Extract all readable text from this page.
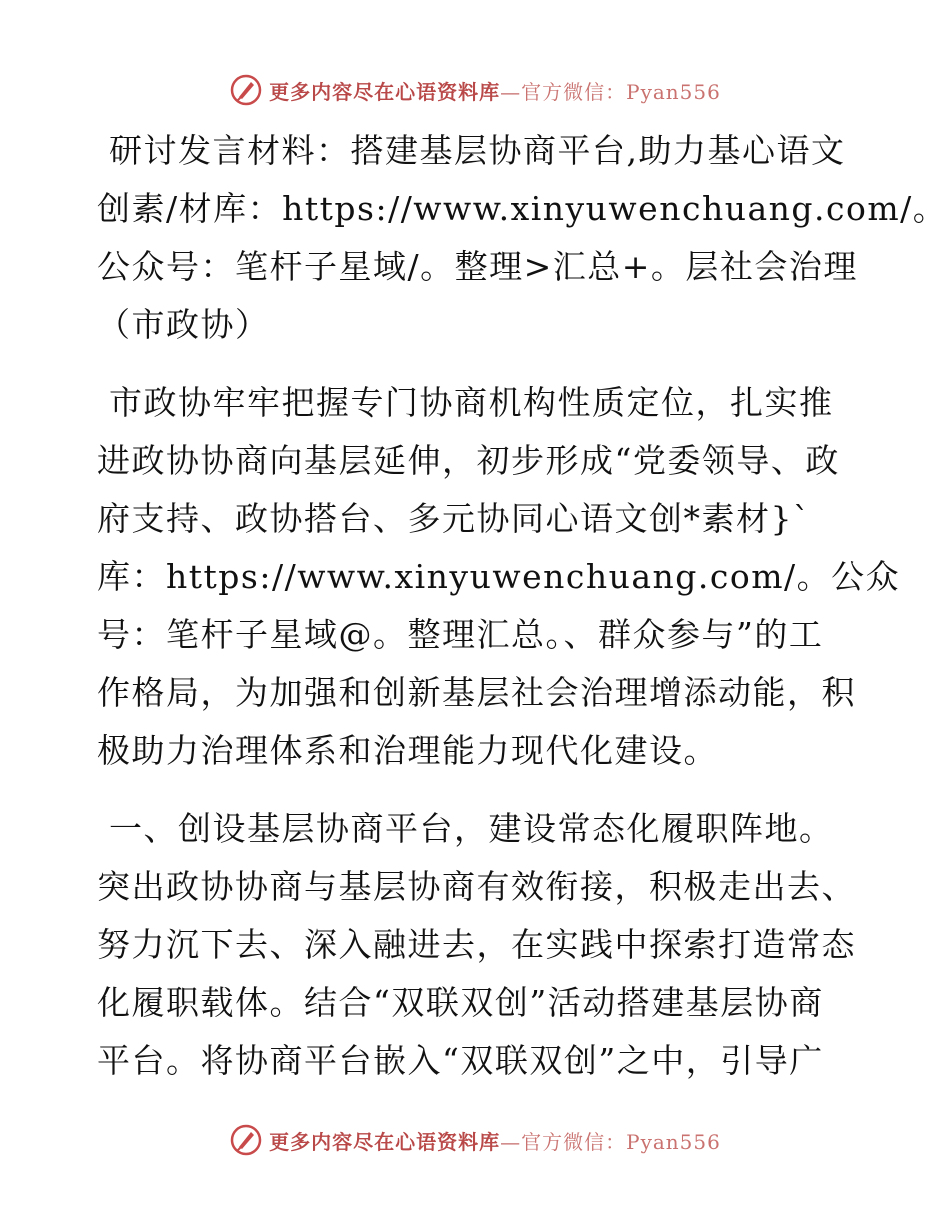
更多内容尽在心语资料库—官方微信：Pyan556
研讨发言材料：搭建基层协商平台,助力基心语文
创素/材库：https://www.xinyuwenchuang.com/。
公众号：笔杆子星域/。整理>汇总+。层社会治理
（市政协）
市政协牢牢把握专门协商机构性质定位，扎实推
进政协协商向基层延伸，初步形成“党委领导、政
府支持、政协搭台、多元协同心语文创*素材}`
库：https://www.xinyuwenchuang.com/。公众
号：笔杆子星域@。整理汇总。、群众参与”的工
作格局，为加强和创新基层社会治理增添动能，积
极助力治理体系和治理能力现代化建设。
一、创设基层协商平台，建设常态化履职阵地。
突出政协协商与基层协商有效衔接，积极走出去、
努力沉下去、深入融进去，在实践中探索打造常态
化履职载体。结合“双联双创”活动搭建基层协商
平台。将协商平台嵌入“双联双创”之中，引导广
更多内容尽在心语资料库—官方微信：Pyan556
